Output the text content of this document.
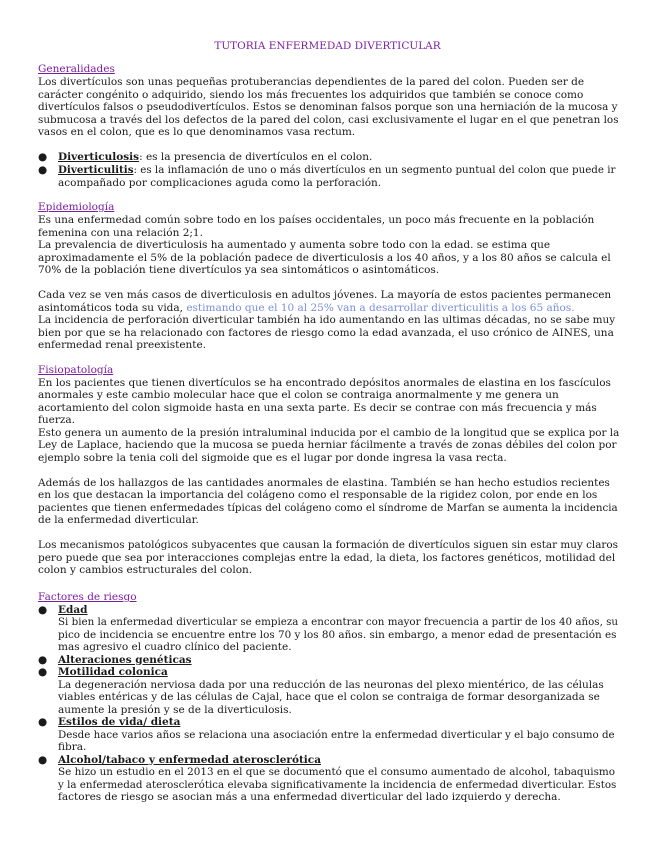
TUTORIA ENFERMEDAD DIVERTICULAR

Generalidades

Los divertículos son unas pequeñas protuberancias dependientes de la pared del colon. Pueden ser de

carácter congénito o adquirido, siendo los más frecuentes los adquiridos que también se conoce como

divertículos falsos o pseudodivertículos. Estos se denominan falsos porque son una herniación de la mucosa y

submucosa a través del los defectos de la pared del colon, casi exclusivamente el lugar en el que penetran los

vasos en el colon, que es lo que denominamos vasa rectum.

● Diverticulosis: es la presencia de divertículos en el colon.

● Diverticulitis: es la inflamación de uno o más divertículos en un segmento puntual del colon que puede ir

acompañado por complicaciones aguda como la perforación.

Epidemiología

Es una enfermedad común sobre todo en los países occidentales, un poco más frecuente en la población

femenina con una relación 2;1.

La prevalencia de diverticulosis ha aumentado y aumenta sobre todo con la edad. se estima que

aproximadamente el 5% de la población padece de diverticulosis a los 40 años, y a los 80 años se calcula el

70% de la población tiene divertículos ya sea sintomáticos o asintomáticos.

Cada vez se ven más casos de diverticulosis en adultos jóvenes. La mayoría de estos pacientes permanecen

asintomáticos toda su vida, estimando que el 10 al 25% van a desarrollar diverticulitis a los 65 años.

La incidencia de perforación diverticular también ha ido aumentando en las ultimas décadas, no se sabe muy

bien por que se ha relacionado con factores de riesgo como la edad avanzada, el uso crónico de AINES, una

enfermedad renal preexistente.

Fisiopatología

En los pacientes que tienen divertículos se ha encontrado depósitos anormales de elastina en los fascículos

anormales y este cambio molecular hace que el colon se contraiga anormalmente y me genera un

acortamiento del colon sigmoide hasta en una sexta parte. Es decir se contrae con más frecuencia y más

fuerza.

Esto genera un aumento de la presión intraluminal inducida por el cambio de la longitud que se explica por la

Ley de Laplace, haciendo que la mucosa se pueda herniar fácilmente a través de zonas débiles del colon por

ejemplo sobre la tenia coli del sigmoide que es el lugar por donde ingresa la vasa recta.

Además de los hallazgos de las cantidades anormales de elastina. También se han hecho estudios recientes

en los que destacan la importancia del colágeno como el responsable de la rigidez colon, por ende en los

pacientes que tienen enfermedades típicas del colágeno como el síndrome de Marfan se aumenta la incidencia

de la enfermedad diverticular.

Los mecanismos patológicos subyacentes que causan la formación de divertículos siguen sin estar muy claros

pero puede que sea por interacciones complejas entre la edad, la dieta, los factores genéticos, motilidad del

colon y cambios estructurales del colon.

Factores de riesgo

● Edad

Si bien la enfermedad diverticular se empieza a encontrar con mayor frecuencia a partir de los 40 años, su

pico de incidencia se encuentre entre los 70 y los 80 años. sin embargo, a menor edad de presentación es

mas agresivo el cuadro clínico del paciente.

● Alteraciones genéticas

● Motilidad colonica

La degeneración nerviosa dada por una reducción de las neuronas del plexo mientérico, de las células

viables entéricas y de las células de Cajal, hace que el colon se contraiga de formar desorganizada se

aumente la presión y se de la diverticulosis.

● Estilos de vida/ dieta

Desde hace varios años se relaciona una asociación entre la enfermedad diverticular y el bajo consumo de

fibra.

● Alcohol/tabaco y enfermedad aterosclerótica

Se hizo un estudio en el 2013 en el que se documentó que el consumo aumentado de alcohol, tabaquismo

y la enfermedad aterosclerótica elevaba significativamente la incidencia de enfermedad diverticular. Estos

factores de riesgo se asocian más a una enfermedad diverticular del lado izquierdo y derecha.
